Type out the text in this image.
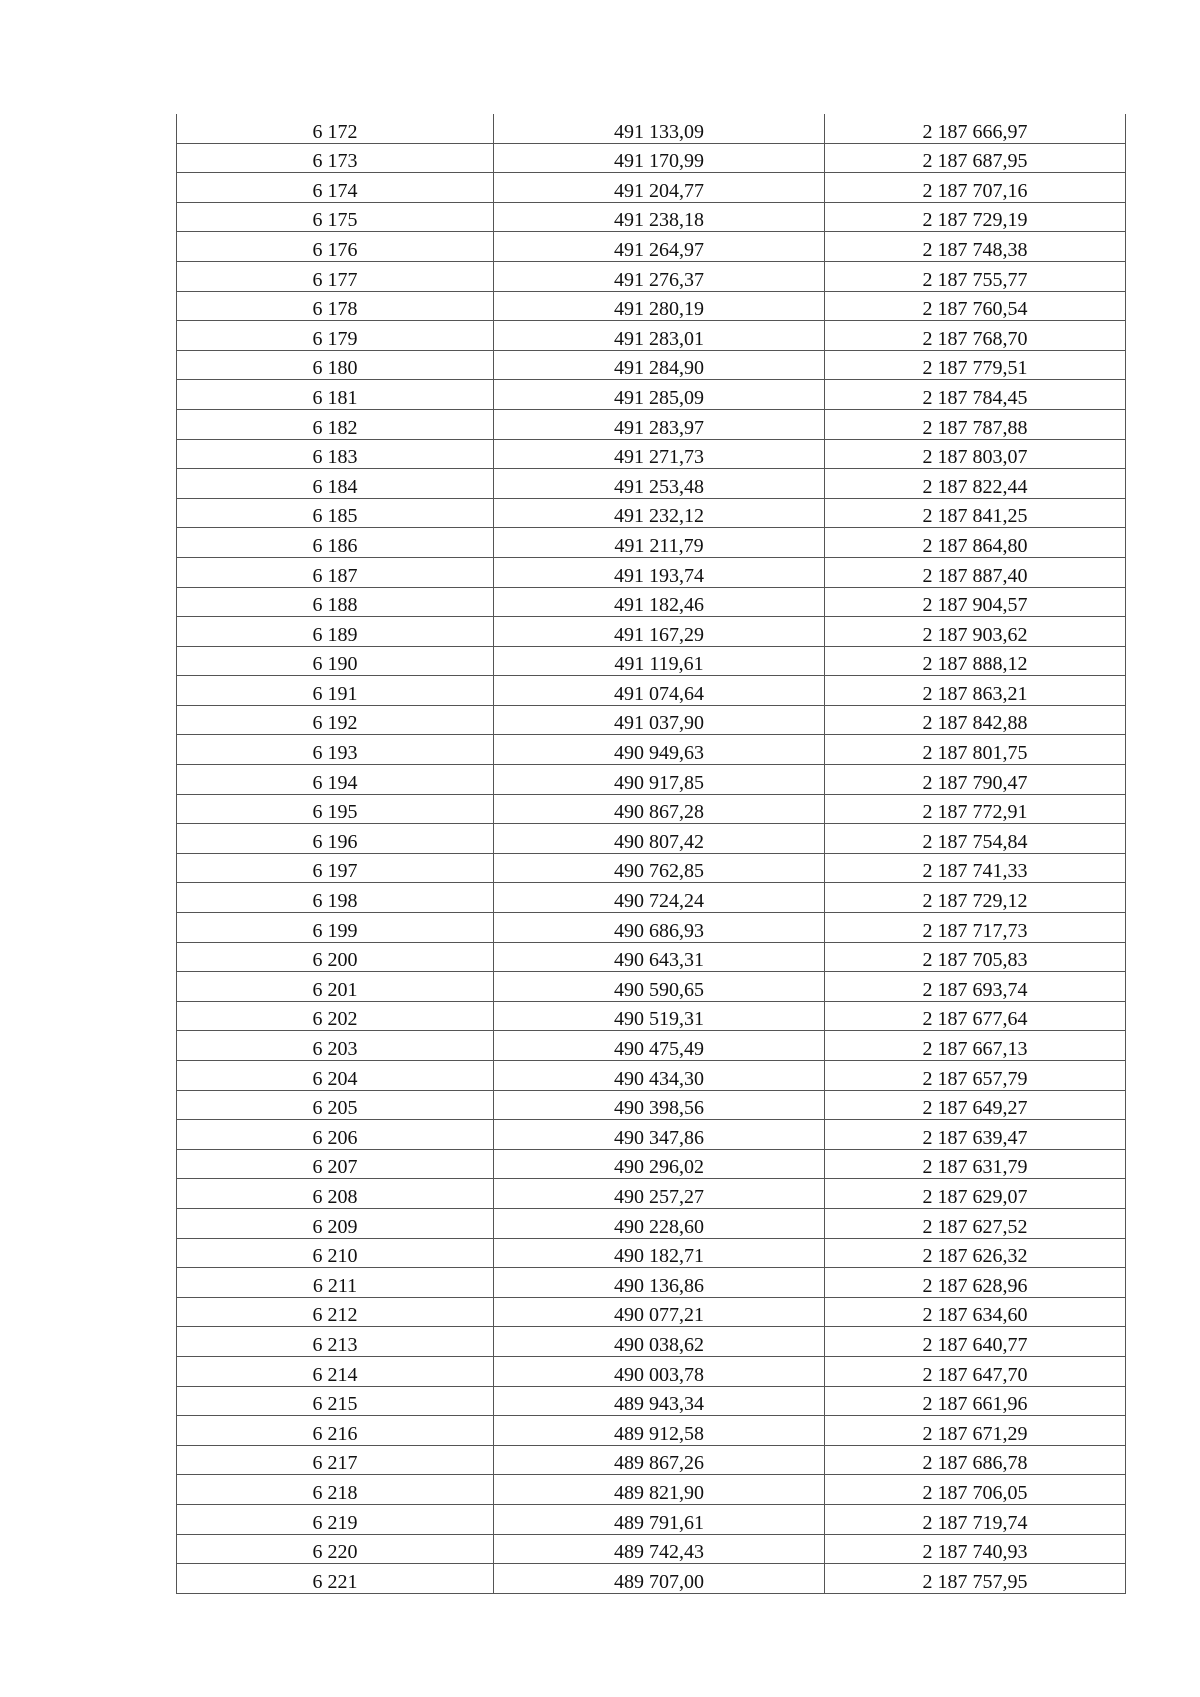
6 172	491 133,09	2 187 666,97
6 173	491 170,99	2 187 687,95
6 174	491 204,77	2 187 707,16
6 175	491 238,18	2 187 729,19
6 176	491 264,97	2 187 748,38
6 177	491 276,37	2 187 755,77
6 178	491 280,19	2 187 760,54
6 179	491 283,01	2 187 768,70
6 180	491 284,90	2 187 779,51
6 181	491 285,09	2 187 784,45
6 182	491 283,97	2 187 787,88
6 183	491 271,73	2 187 803,07
6 184	491 253,48	2 187 822,44
6 185	491 232,12	2 187 841,25
6 186	491 211,79	2 187 864,80
6 187	491 193,74	2 187 887,40
6 188	491 182,46	2 187 904,57
6 189	491 167,29	2 187 903,62
6 190	491 119,61	2 187 888,12
6 191	491 074,64	2 187 863,21
6 192	491 037,90	2 187 842,88
6 193	490 949,63	2 187 801,75
6 194	490 917,85	2 187 790,47
6 195	490 867,28	2 187 772,91
6 196	490 807,42	2 187 754,84
6 197	490 762,85	2 187 741,33
6 198	490 724,24	2 187 729,12
6 199	490 686,93	2 187 717,73
6 200	490 643,31	2 187 705,83
6 201	490 590,65	2 187 693,74
6 202	490 519,31	2 187 677,64
6 203	490 475,49	2 187 667,13
6 204	490 434,30	2 187 657,79
6 205	490 398,56	2 187 649,27
6 206	490 347,86	2 187 639,47
6 207	490 296,02	2 187 631,79
6 208	490 257,27	2 187 629,07
6 209	490 228,60	2 187 627,52
6 210	490 182,71	2 187 626,32
6 211	490 136,86	2 187 628,96
6 212	490 077,21	2 187 634,60
6 213	490 038,62	2 187 640,77
6 214	490 003,78	2 187 647,70
6 215	489 943,34	2 187 661,96
6 216	489 912,58	2 187 671,29
6 217	489 867,26	2 187 686,78
6 218	489 821,90	2 187 706,05
6 219	489 791,61	2 187 719,74
6 220	489 742,43	2 187 740,93
6 221	489 707,00	2 187 757,95
